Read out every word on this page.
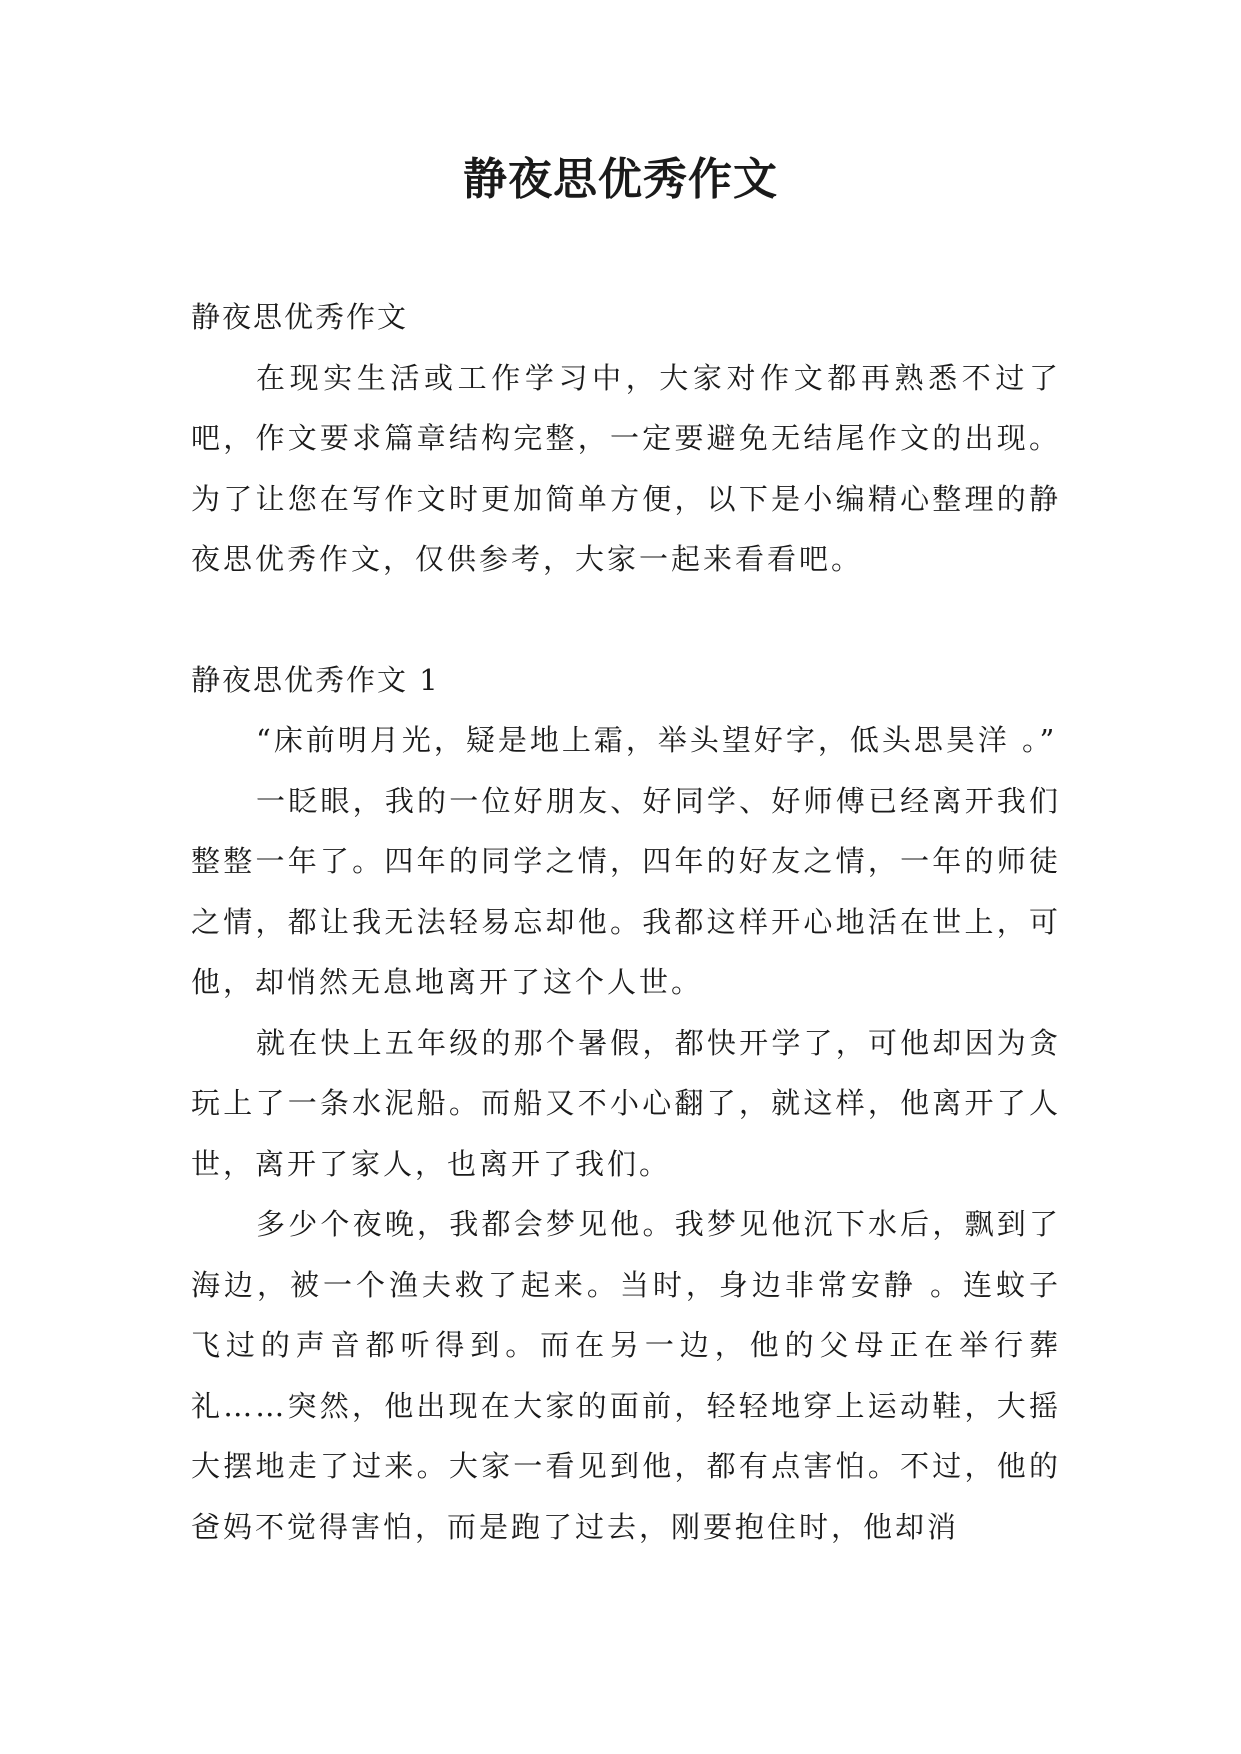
静夜思优秀作文

静夜思优秀作文

在现实生活或工作学习中，大家对作文都再熟悉不过了吧，作文要求篇章结构完整，一定要避免无结尾作文的出现。为了让您在写作文时更加简单方便，以下是小编精心整理的静夜思优秀作文，仅供参考，大家一起来看看吧。

静夜思优秀作文 1

“床前明月光，疑是地上霜，举头望好字，低头思昊洋 。”

一眨眼，我的一位好朋友、好同学、好师傅已经离开我们整整一年了。四年的同学之情，四年的好友之情，一年的师徒之情，都让我无法轻易忘却他。我都这样开心地活在世上，可他，却悄然无息地离开了这个人世。

就在快上五年级的那个暑假，都快开学了，可他却因为贪玩上了一条水泥船。而船又不小心翻了，就这样，他离开了人世，离开了家人，也离开了我们。

多少个夜晚，我都会梦见他。我梦见他沉下水后，飘到了海边，被一个渔夫救了起来。当时，身边非常安静 。连蚊子飞过的声音都听得到。而在另一边，他的父母正在举行葬礼……突然，他出现在大家的面前，轻轻地穿上运动鞋，大摇大摆地走了过来。大家一看见到他，都有点害怕。不过，他的爸妈不觉得害怕，而是跑了过去，刚要抱住时，他却消
